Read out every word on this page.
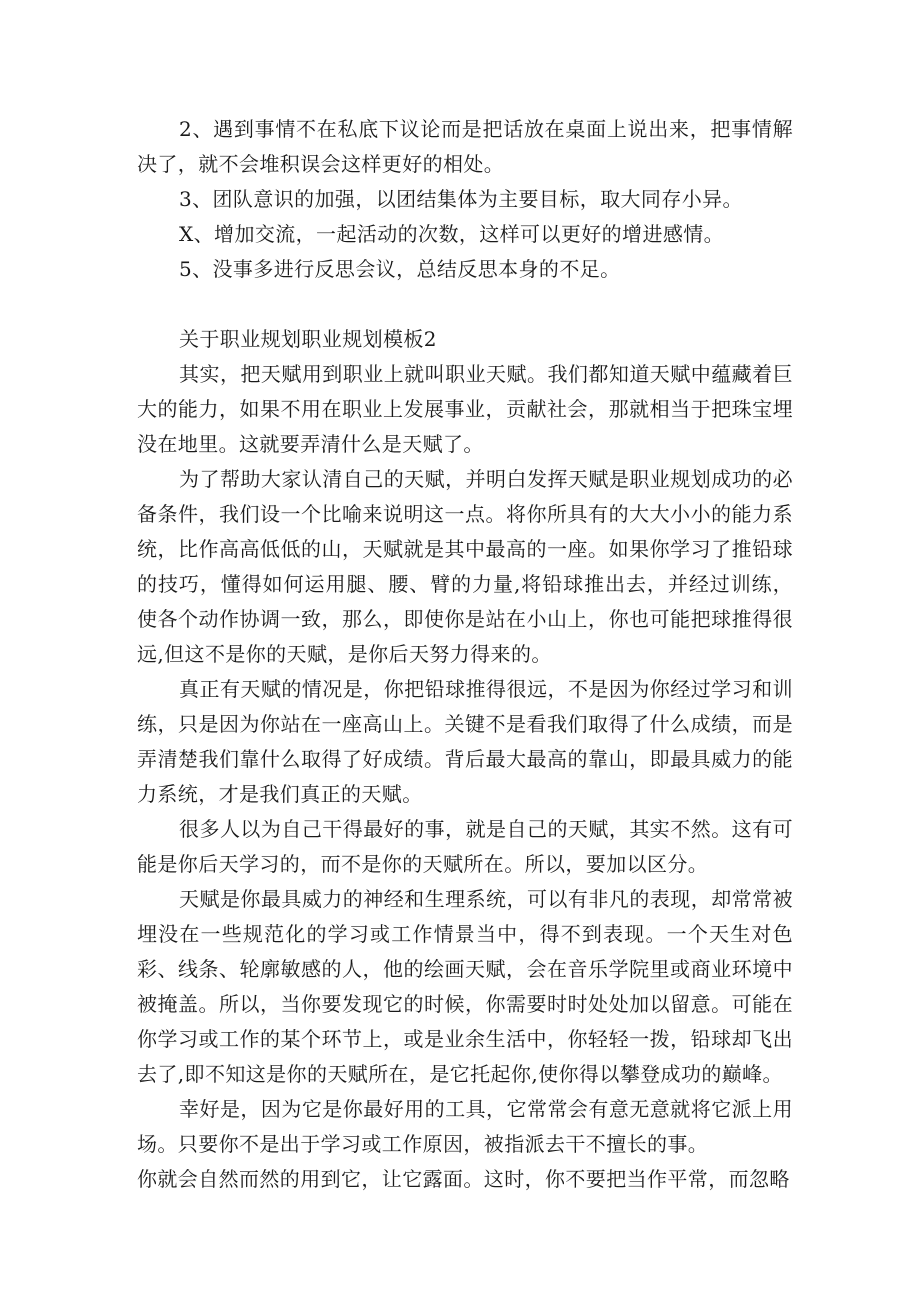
2、遇到事情不在私底下议论而是把话放在桌面上说出来，把事情解决了，就不会堆积误会这样更好的相处。

3、团队意识的加强，以团结集体为主要目标，取大同存小异。

X、增加交流，一起活动的次数，这样可以更好的增进感情。

5、没事多进行反思会议，总结反思本身的不足。

关于职业规划职业规划模板2

其实，把天赋用到职业上就叫职业天赋。我们都知道天赋中蕴藏着巨大的能力，如果不用在职业上发展事业，贡献社会，那就相当于把珠宝埋没在地里。这就要弄清什么是天赋了。

为了帮助大家认清自己的天赋，并明白发挥天赋是职业规划成功的必备条件，我们设一个比喻来说明这一点。将你所具有的大大小小的能力系统，比作高高低低的山，天赋就是其中最高的一座。如果你学习了推铅球的技巧，懂得如何运用腿、腰、臂的力量,将铅球推出去，并经过训练，使各个动作协调一致，那么，即使你是站在小山上，你也可能把球推得很远,但这不是你的天赋，是你后天努力得来的。

真正有天赋的情况是，你把铅球推得很远，不是因为你经过学习和训练，只是因为你站在一座高山上。关键不是看我们取得了什么成绩，而是弄清楚我们靠什么取得了好成绩。背后最大最高的靠山，即最具威力的能力系统，才是我们真正的天赋。

很多人以为自己干得最好的事，就是自己的天赋，其实不然。这有可能是你后天学习的，而不是你的天赋所在。所以，要加以区分。

天赋是你最具威力的神经和生理系统，可以有非凡的表现，却常常被埋没在一些规范化的学习或工作情景当中，得不到表现。一个天生对色彩、线条、轮廓敏感的人，他的绘画天赋，会在音乐学院里或商业环境中被掩盖。所以，当你要发现它的时候，你需要时时处处加以留意。可能在你学习或工作的某个环节上，或是业余生活中，你轻轻一拨，铅球却飞出去了,即不知这是你的天赋所在，是它托起你,使你得以攀登成功的巅峰。

幸好是，因为它是你最好用的工具，它常常会有意无意就将它派上用场。只要你不是出于学习或工作原因，被指派去干不擅长的事。

你就会自然而然的用到它，让它露面。这时，你不要把当作平常，而忽略
